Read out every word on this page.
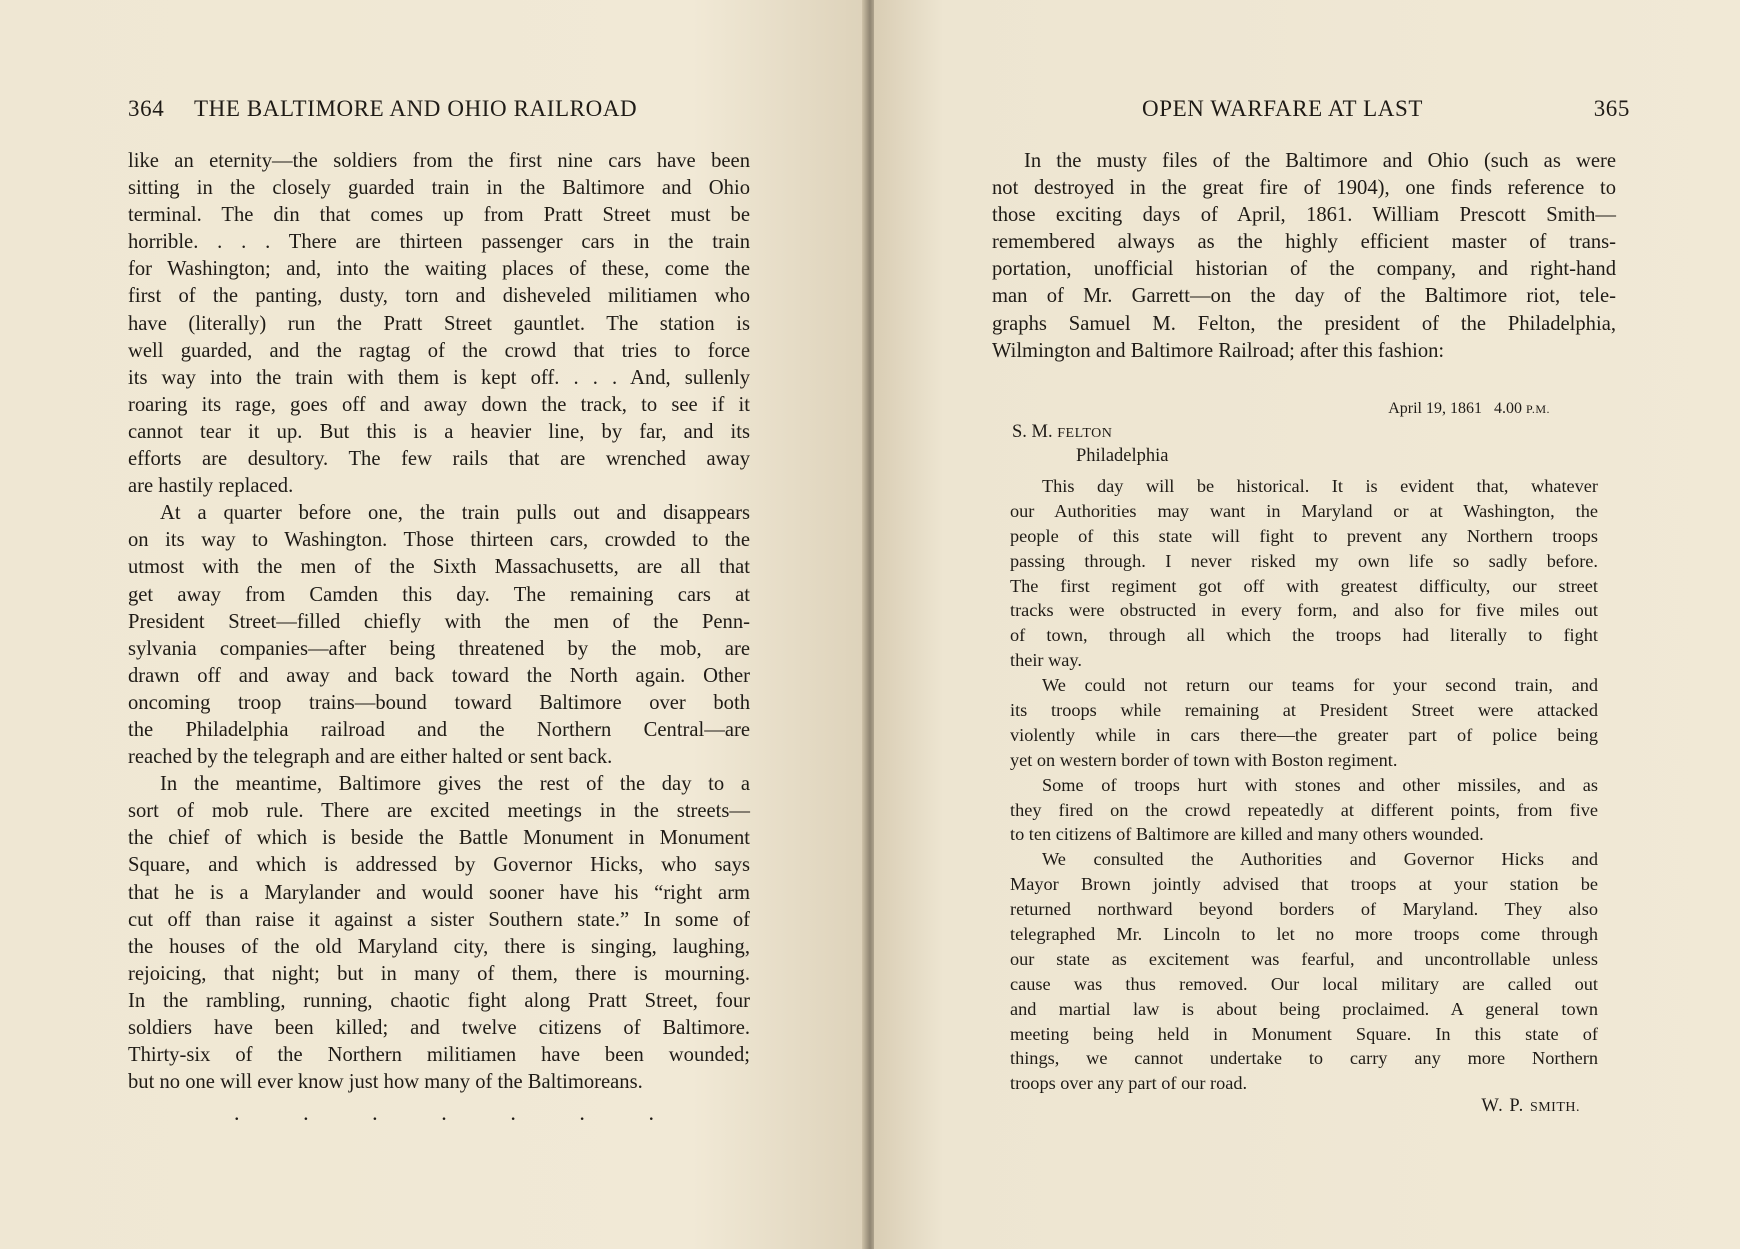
364 THE BALTIMORE AND OHIO RAILROAD
like an eternity—the soldiers from the first nine cars have been
sitting in the closely guarded train in the Baltimore and Ohio
terminal. The din that comes up from Pratt Street must be
horrible. . . . There are thirteen passenger cars in the train
for Washington; and, into the waiting places of these, come the
first of the panting, dusty, torn and disheveled militiamen who
have (literally) run the Pratt Street gauntlet. The station is
well guarded, and the ragtag of the crowd that tries to force
its way into the train with them is kept off. . . . And, sullenly
roaring its rage, goes off and away down the track, to see if it
cannot tear it up. But this is a heavier line, by far, and its
efforts are desultory. The few rails that are wrenched away
are hastily replaced.
At a quarter before one, the train pulls out and disappears
on its way to Washington. Those thirteen cars, crowded to the
utmost with the men of the Sixth Massachusetts, are all that
get away from Camden this day. The remaining cars at
President Street—filled chiefly with the men of the Penn-
sylvania companies—after being threatened by the mob, are
drawn off and away and back toward the North again. Other
oncoming troop trains—bound toward Baltimore over both
the Philadelphia railroad and the Northern Central—are
reached by the telegraph and are either halted or sent back.
In the meantime, Baltimore gives the rest of the day to a
sort of mob rule. There are excited meetings in the streets—
the chief of which is beside the Battle Monument in Monument
Square, and which is addressed by Governor Hicks, who says
that he is a Marylander and would sooner have his “right arm
cut off than raise it against a sister Southern state.” In some of
the houses of the old Maryland city, there is singing, laughing,
rejoicing, that night; but in many of them, there is mourning.
In the rambling, running, chaotic fight along Pratt Street, four
soldiers have been killed; and twelve citizens of Baltimore.
Thirty-six of the Northern militiamen have been wounded;
but no one will ever know just how many of the Baltimoreans.
.	.	.	.	.	.	.
OPEN WARFARE AT LAST	365
In the musty files of the Baltimore and Ohio (such as were
not destroyed in the great fire of 1904), one finds reference to
those exciting days of April, 1861. William Prescott Smith—
remembered always as the highly efficient master of trans-
portation, unofficial historian of the company, and right-hand
man of Mr. Garrett—on the day of the Baltimore riot, tele-
graphs Samuel M. Felton, the president of the Philadelphia,
Wilmington and Baltimore Railroad; after this fashion:
April 19, 1861 4.00 P.M.
S. M. FELTON
Philadelphia
This day will be historical. It is evident that, whatever
our Authorities may want in Maryland or at Washington, the
people of this state will fight to prevent any Northern troops
passing through. I never risked my own life so sadly before.
The first regiment got off with greatest difficulty, our street
tracks were obstructed in every form, and also for five miles out
of town, through all which the troops had literally to fight
their way.
We could not return our teams for your second train, and
its troops while remaining at President Street were attacked
violently while in cars there—the greater part of police being
yet on western border of town with Boston regiment.
Some of troops hurt with stones and other missiles, and as
they fired on the crowd repeatedly at different points, from five
to ten citizens of Baltimore are killed and many others wounded.
We consulted the Authorities and Governor Hicks and
Mayor Brown jointly advised that troops at your station be
returned northward beyond borders of Maryland. They also
telegraphed Mr. Lincoln to let no more troops come through
our state as excitement was fearful, and uncontrollable unless
cause was thus removed. Our local military are called out
and martial law is about being proclaimed. A general town
meeting being held in Monument Square. In this state of
things, we cannot undertake to carry any more Northern
troops over any part of our road.
W. P. SMITH.
